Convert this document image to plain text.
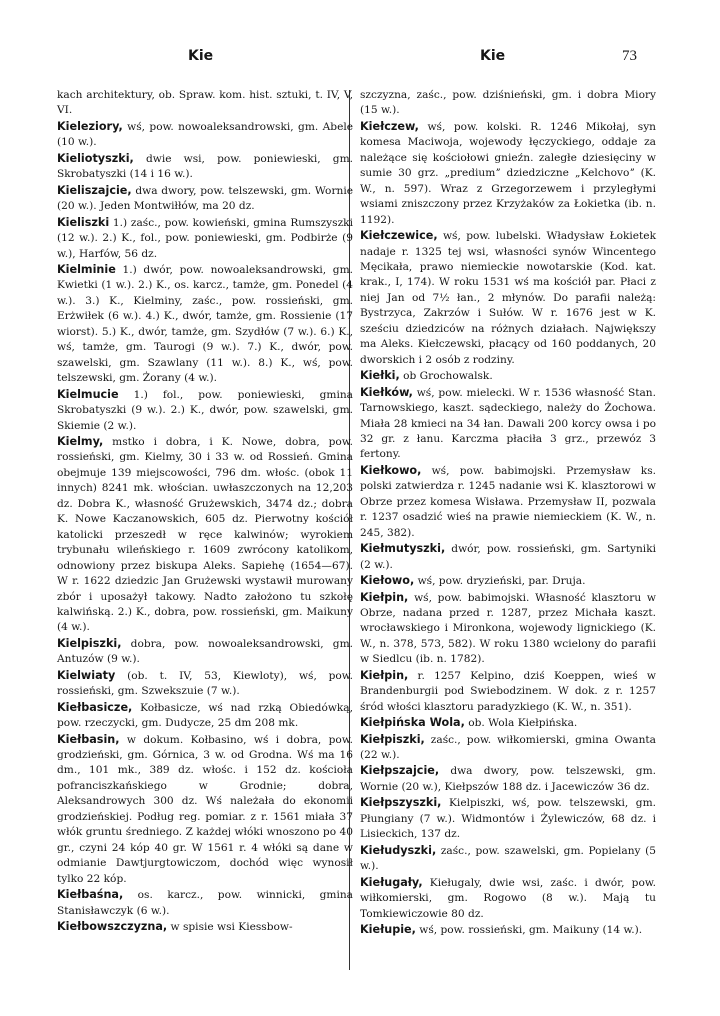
Kie	Kie	73

kach architektury, ob. Spraw. kom. hist. sztuki, t. IV, V, VI.

Kieleziory, wś, pow. nowoaleksandrowski, gm. Abele (10 w.).

Kieliotyszki, dwie wsi, pow. poniewieski, gm. Skrobatyszki (14 i 16 w.).

Kieliszajcie, dwa dwory, pow. telszewski, gm. Wornie (20 w.). Jeden Montwiłłów, ma 20 dz.

Kieliszki 1.) zaśc., pow. kowieński, gmina Rumszyszki (12 w.). 2.) K., fol., pow. poniewieski, gm. Podbirże (9 w.), Harfów, 56 dz.

Kielminie 1.) dwór, pow. nowoaleksandrowski, gm. Kwietki (1 w.). 2.) K., os. karcz., tamże, gm. Ponedel (4 w.). 3.) K., Kielminy, zaśc., pow. rossieński, gm. Erżwiłek (6 w.). 4.) K., dwór, tamże, gm. Rossienie (17 wiorst). 5.) K., dwór, tamże, gm. Szydłów (7 w.). 6.) K., wś, tamże, gm. Taurogi (9 w.). 7.) K., dwór, pow. szawelski, gm. Szawlany (11 w.). 8.) K., wś, pow. telszewski, gm. Żorany (4 w.).

Kielmucie 1.) fol., pow. poniewieski, gmina Skrobatyszki (9 w.). 2.) K., dwór, pow. szawelski, gm. Skiemie (2 w.).

Kielmy, mstko i dobra, i K. Nowe, dobra, pow. rossieński, gm. Kielmy, 30 i 33 w. od Rossień. Gmina obejmuje 139 miejscowości, 796 dm. włośc. (obok 11 innych) 8241 mk. włościan. uwłaszczonych na 12,203 dz. Dobra K., własność Grużewskich, 3474 dz.; dobra K. Nowe Kaczanowskich, 605 dz. Pierwotny kościół katolicki przeszedł w ręce kalwinów; wyrokiem trybunału wileńskiego r. 1609 zwrócony katolikom, odnowiony przez biskupa Aleks. Sapiehę (1654—67). W r. 1622 dziedzic Jan Grużewski wystawił murowany zbór i uposażył takowy. Nadto założono tu szkołę kalwińską. 2.) K., dobra, pow. rossieński, gm. Maikuny (4 w.).

Kielpiszki, dobra, pow. nowoaleksandrowski, gm. Antuzów (9 w.).

Kielwiaty (ob. t. IV, 53, Kiewloty), wś, pow. rossieński, gm. Szwekszuie (7 w.).

Kiełbasicze, Kołbasicze, wś nad rzką Obiedówką, pow. rzeczycki, gm. Dudycze, 25 dm 208 mk.

Kiełbasin, w dokum. Kołbasino, wś i dobra, pow. grodzieński, gm. Górnica, 3 w. od Grodna. Wś ma 16 dm., 101 mk., 389 dz. włośc. i 152 dz. kościoła pofranciszkańskiego w Grodnie; dobra, Aleksandrowych 300 dz. Wś należała do ekonomii grodzieńskiej. Podług reg. pomiar. z r. 1561 miała 37 włók gruntu średniego. Z każdej włóki wnoszono po 40 gr., czyni 24 kóp 40 gr. W 1561 r. 4 włóki są dane w odmianie Dawtjurgtowiczom, dochód więc wynosił tylko 22 kóp.

Kiełbaśna, os. karcz., pow. winnicki, gmina Stanisławczyk (6 w.).

Kiełbowszczyzna, w spisie wsi Kiessbow-

szczyzna, zaśc., pow. dziśnieński, gm. i dobra Miory (15 w.).

Kiełczew, wś, pow. kolski. R. 1246 Mikołaj, syn komesa Maciwoja, wojewody łęczyckiego, oddaje za należące się kościołowi gnieźn. zaległe dziesięciny w sumie 30 grz. „prediumˮ dziedziczne „Kelchovoˮ (K. W., n. 597). Wraz z Grzegorzewem i przyległymi wsiami zniszczony przez Krzyżaków za Łokietka (ib. n. 1192).

Kiełczewice, wś, pow. lubelski. Władysław Łokietek nadaje r. 1325 tej wsi, własności synów Wincentego Męcikała, prawo niemieckie nowotarskie (Kod. kat. krak., I, 174). W roku 1531 wś ma kościół par. Płaci z niej Jan od 7½ łan., 2 młynów. Do parafii należą: Bystrzyca, Zakrzów i Sułów. W r. 1676 jest w K. sześciu dziedziców na różnych działach. Największy ma Aleks. Kiełczewski, płacący od 160 poddanych, 20 dworskich i 2 osób z rodziny.

Kiełki, ob Grochowalsk.

Kiełków, wś, pow. mielecki. W r. 1536 własność Stan. Tarnowskiego, kaszt. sądeckiego, należy do Żochowa. Miała 28 kmieci na 34 łan. Dawali 200 korcy owsa i po 32 gr. z łanu. Karczma płaciła 3 grz., przewóz 3 fertony.

Kiełkowo, wś, pow. babimojski. Przemysław ks. polski zatwierdza r. 1245 nadanie wsi K. klasztorowi w Obrze przez komesa Wisława. Przemysław II, pozwala r. 1237 osadzić wieś na prawie niemieckiem (K. W., n. 245, 382).

Kiełmutyszki, dwór, pow. rossieński, gm. Sartyniki (2 w.).

Kiełowo, wś, pow. dryzieński, par. Druja.

Kiełpin, wś, pow. babimojski. Własność klasztoru w Obrze, nadana przed r. 1287, przez Michała kaszt. wrocławskiego i Mironkona, wojewody lignickiego (K. W., n. 378, 573, 582). W roku 1380 wcielony do parafii w Siedlcu (ib. n. 1782).

Kiełpin, r. 1257 Kelpino, dziś Koeppen, wieś w Brandenburgii pod Swiebodzinem. W dok. z r. 1257 śród włości klasztoru paradyzkiego (K. W., n. 351).

Kiełpińska Wola, ob. Wola Kiełpińska.

Kiełpiszki, zaśc., pow. wiłkomierski, gmina Owanta (22 w.).

Kiełpszajcie, dwa dwory, pow. telszewski, gm. Wornie (20 w.), Kiełpszów 188 dz. i Jacewiczów 36 dz.

Kiełpszyszki, Kielpiszki, wś, pow. telszewski, gm. Płungiany (7 w.). Widmontów i Żylewiczów, 68 dz. i Lisieckich, 137 dz.

Kiełudyszki, zaśc., pow. szawelski, gm. Popielany (5 w.).

Kieługały, Kieługaly, dwie wsi, zaśc. i dwór, pow. wiłkomierski, gm. Rogowo (8 w.). Mają tu Tomkiewiczowie 80 dz.

Kiełupie, wś, pow. rossieński, gm. Maikuny (14 w.).
